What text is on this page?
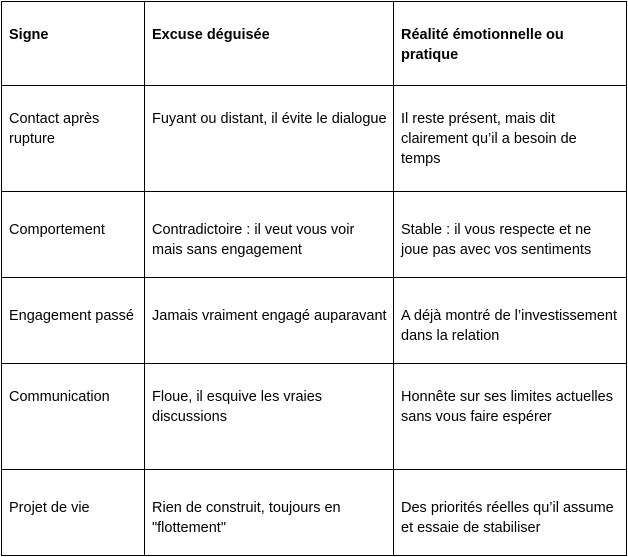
Signe	Excuse déguisée	Réalité émotionnelle ou pratique
Contact après rupture	Fuyant ou distant, il évite le dialogue	Il reste présent, mais dit clairement qu’il a besoin de temps
Comportement	Contradictoire : il veut vous voir mais sans engagement	Stable : il vous respecte et ne joue pas avec vos sentiments
Engagement passé	Jamais vraiment engagé auparavant	A déjà montré de l’investissement dans la relation
Communication	Floue, il esquive les vraies discussions	Honnête sur ses limites actuelles sans vous faire espérer
Projet de vie	Rien de construit, toujours en "flottement"	Des priorités réelles qu’il assume et essaie de stabiliser
